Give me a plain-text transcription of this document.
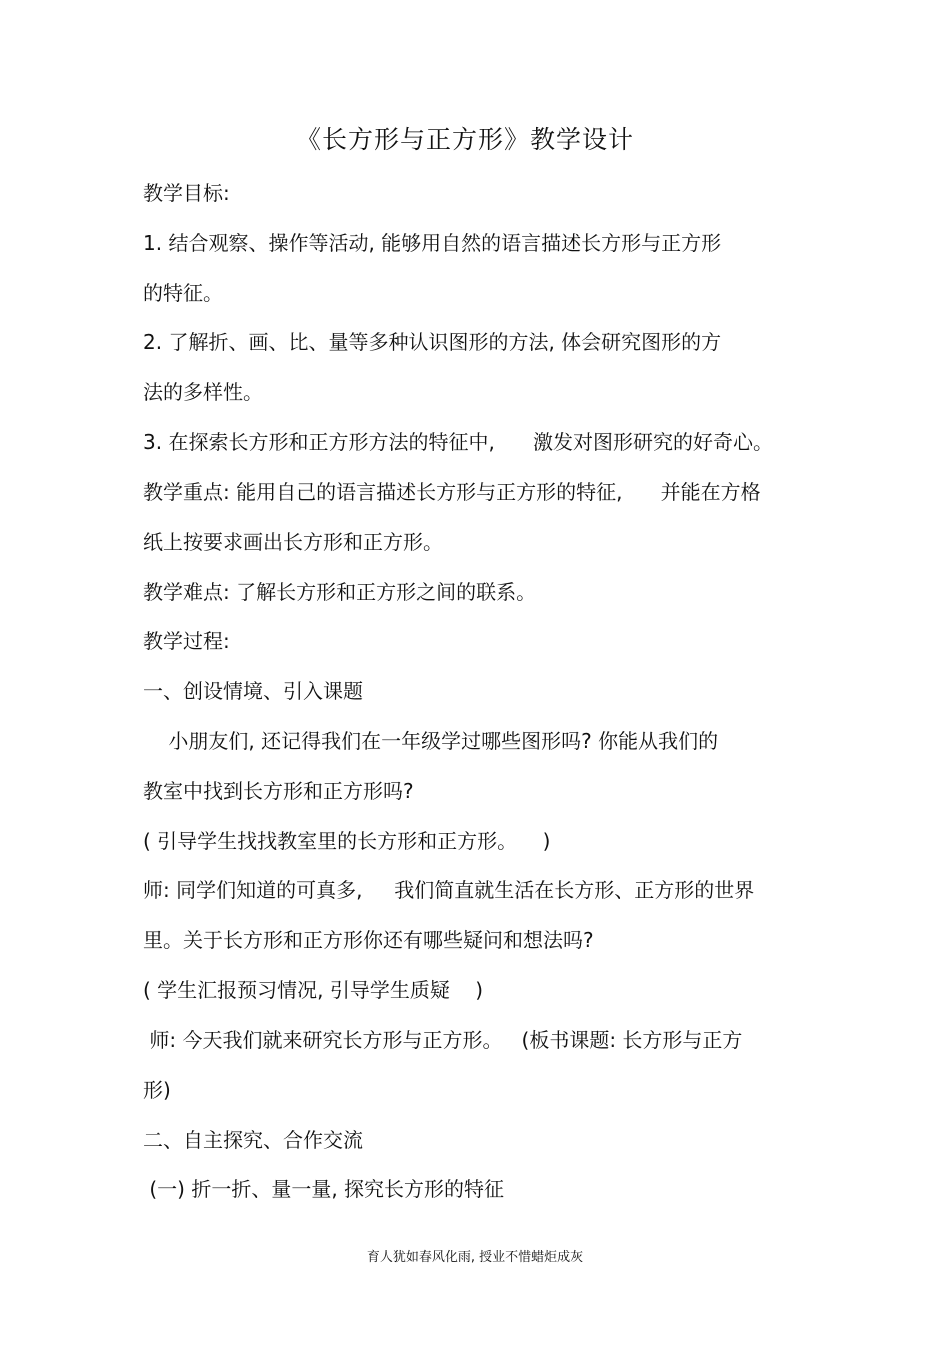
《长方形与正方形》教学设计
教学目标:
1. 结合观察、操作等活动, 能够用自然的语言描述长方形与正方形
的特征。
2. 了解折、画、比、量等多种认识图形的方法, 体会研究图形的方
法的多样性。
3. 在探索长方形和正方形方法的特征中,      激发对图形研究的好奇心。
教学重点: 能用自己的语言描述长方形与正方形的特征,      并能在方格
纸上按要求画出长方形和正方形。
教学难点: 了解长方形和正方形之间的联系。
教学过程:
一、创设情境、引入课题
小朋友们, 还记得我们在一年级学过哪些图形吗? 你能从我们的
教室中找到长方形和正方形吗?
( 引导学生找找教室里的长方形和正方形。    )
师: 同学们知道的可真多,     我们简直就生活在长方形、正方形的世界
里。关于长方形和正方形你还有哪些疑问和想法吗?
( 学生汇报预习情况, 引导学生质疑    )
师: 今天我们就来研究长方形与正方形。   (板书课题: 长方形与正方
形)
二、自主探究、合作交流
(一) 折一折、量一量, 探究长方形的特征
育人犹如春风化雨, 授业不惜蜡炬成灰
